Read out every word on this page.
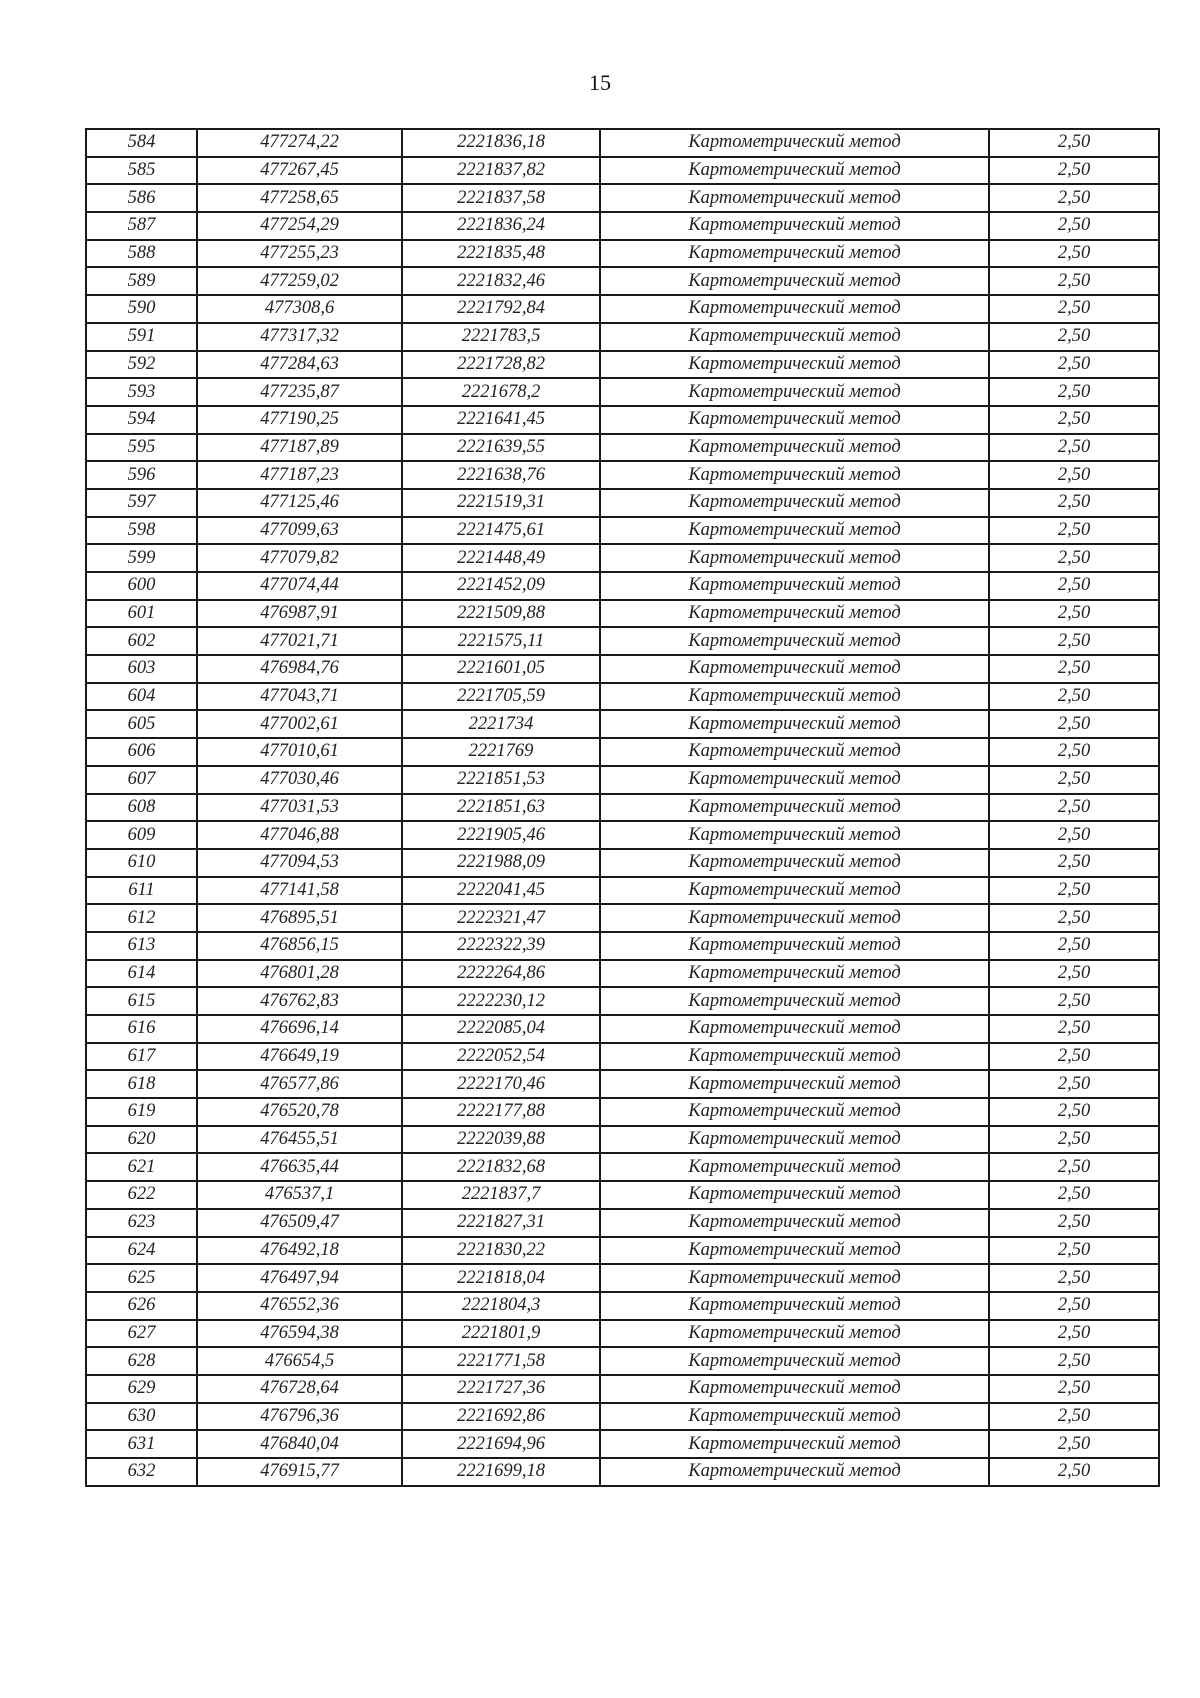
15
584	477274,22	2221836,18	Картометрический метод	2,50
585	477267,45	2221837,82	Картометрический метод	2,50
586	477258,65	2221837,58	Картометрический метод	2,50
587	477254,29	2221836,24	Картометрический метод	2,50
588	477255,23	2221835,48	Картометрический метод	2,50
589	477259,02	2221832,46	Картометрический метод	2,50
590	477308,6	2221792,84	Картометрический метод	2,50
591	477317,32	2221783,5	Картометрический метод	2,50
592	477284,63	2221728,82	Картометрический метод	2,50
593	477235,87	2221678,2	Картометрический метод	2,50
594	477190,25	2221641,45	Картометрический метод	2,50
595	477187,89	2221639,55	Картометрический метод	2,50
596	477187,23	2221638,76	Картометрический метод	2,50
597	477125,46	2221519,31	Картометрический метод	2,50
598	477099,63	2221475,61	Картометрический метод	2,50
599	477079,82	2221448,49	Картометрический метод	2,50
600	477074,44	2221452,09	Картометрический метод	2,50
601	476987,91	2221509,88	Картометрический метод	2,50
602	477021,71	2221575,11	Картометрический метод	2,50
603	476984,76	2221601,05	Картометрический метод	2,50
604	477043,71	2221705,59	Картометрический метод	2,50
605	477002,61	2221734	Картометрический метод	2,50
606	477010,61	2221769	Картометрический метод	2,50
607	477030,46	2221851,53	Картометрический метод	2,50
608	477031,53	2221851,63	Картометрический метод	2,50
609	477046,88	2221905,46	Картометрический метод	2,50
610	477094,53	2221988,09	Картометрический метод	2,50
611	477141,58	2222041,45	Картометрический метод	2,50
612	476895,51	2222321,47	Картометрический метод	2,50
613	476856,15	2222322,39	Картометрический метод	2,50
614	476801,28	2222264,86	Картометрический метод	2,50
615	476762,83	2222230,12	Картометрический метод	2,50
616	476696,14	2222085,04	Картометрический метод	2,50
617	476649,19	2222052,54	Картометрический метод	2,50
618	476577,86	2222170,46	Картометрический метод	2,50
619	476520,78	2222177,88	Картометрический метод	2,50
620	476455,51	2222039,88	Картометрический метод	2,50
621	476635,44	2221832,68	Картометрический метод	2,50
622	476537,1	2221837,7	Картометрический метод	2,50
623	476509,47	2221827,31	Картометрический метод	2,50
624	476492,18	2221830,22	Картометрический метод	2,50
625	476497,94	2221818,04	Картометрический метод	2,50
626	476552,36	2221804,3	Картометрический метод	2,50
627	476594,38	2221801,9	Картометрический метод	2,50
628	476654,5	2221771,58	Картометрический метод	2,50
629	476728,64	2221727,36	Картометрический метод	2,50
630	476796,36	2221692,86	Картометрический метод	2,50
631	476840,04	2221694,96	Картометрический метод	2,50
632	476915,77	2221699,18	Картометрический метод	2,50
